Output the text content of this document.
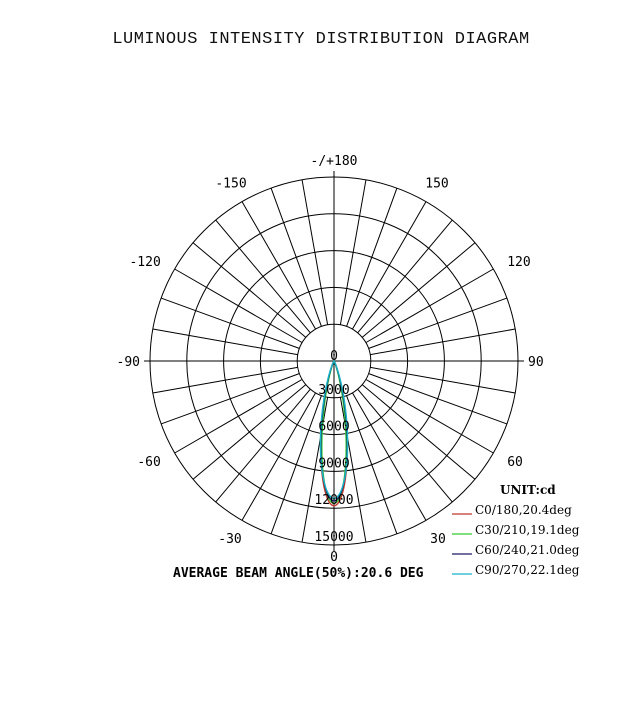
LUMINOUS INTENSITY DISTRIBUTION DIAGRAM
-/+180
-150	150
-120	120
-90	90
-60	60
-30	30
0
0
3000
6000
9000
12000
15000
UNIT:cd
C0/180,20.4deg
C30/210,19.1deg
C60/240,21.0deg
C90/270,22.1deg
AVERAGE BEAM ANGLE(50%):20.6 DEG
